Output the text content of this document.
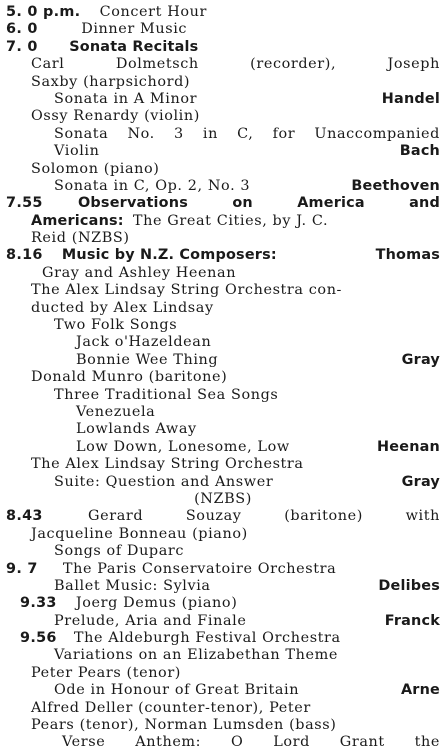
5. 0 p.m. Concert Hour
6. 0	Dinner Music
7. 0 Sonata Recitals
Carl	Dolmetsch	(recorder),	Joseph
Saxby (harpsichord)
Sonata in A Minor	Handel
Ossy Renardy (violin)
Sonata No. 3 in C, for Unaccompanied
Violin	Bach
Solomon (piano)
Sonata in C, Op. 2, No. 3	Beethoven
7.55 Observations	on	America	and
Americans: The Great Cities, by J. C.
Reid (NZBS)
8.16 Music by N.Z. Composers:	Thomas
Gray and Ashley Heenan
The Alex Lindsay String Orchestra con-
ducted by Alex Lindsay
Two Folk Songs
Jack o'Hazeldean
Bonnie Wee Thing	Gray
Donald Munro (baritone)
Three Traditional Sea Songs
Venezuela
Lowlands Away
Low Down, Lonesome, Low	Heenan
The Alex Lindsay String Orchestra
Suite: Question and Answer	Gray
(NZBS)
8.43	Gerard	Souzay	(baritone)	with
Jacqueline Bonneau (piano)
Songs of Duparc
9. 7 The Paris Conservatoire Orchestra
Ballet Music: Sylvia	Delibes
9.33 Joerg Demus (piano)
Prelude, Aria and Finale	Franck
9.56 The Aldeburgh Festival Orchestra
Variations on an Elizabethan Theme
Peter Pears (tenor)
Ode in Honour of Great Britain	Arne
Alfred Deller (counter-tenor), Peter
Pears (tenor), Norman Lumsden (bass)
Verse Anthem: O Lord Grant the
